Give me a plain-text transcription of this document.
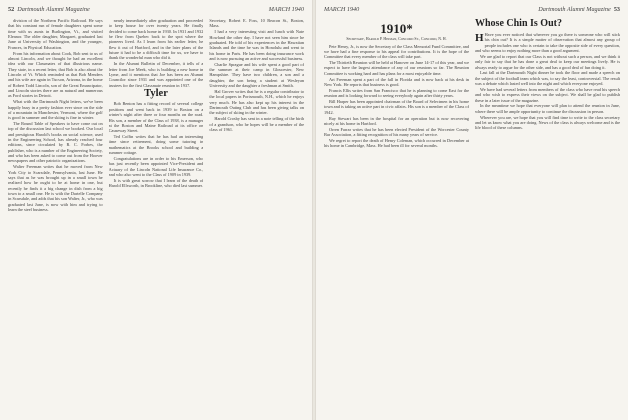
52 Dartmouth Alumni Magazine	MARCH 1940

division of the Northern Pacific Railroad. He says that his constant run of female daughters spent some time with us aunts in Burlington, Vt., and visited Eleanor. The older daughter, Margaret, graduated last June at University of Washington, and the younger, Frances, in Physical Education.

From his information about Cook, Bob sent to us of almost Lincoln, and we thought he had an excellent idea with our Classmates of that illustrious name. They state, in a recent letter, that Bob is also about the Lincoln of Vt. Which reminded us that Bob Menders and his wife are again in Tucson, Arizona, in the home of Robert Todd Lincoln, son of the Great Emancipator, and Lincoln stories there are as natural and numerous as Ford stories in Detroit.

What with the Dartmouth Night letters, we've been happily busy in a pretty fashion ever since on the side of a mountain in Manchester, Vermont, where the golf is good in summer and the skiing is fine in winter.

The Round Table of Speakers to have come out on top of the discussion last school we booked. Our local and prestigious Harold's books on social science, used in the Engineering School, has already reached four editions, since circulated by R. C. Forbes, the publisher, who is a number of the Engineering Society, and who has been asked to come out from the Hoover newspapers and other patriotic organizations.

Walter Freeman writes that he moved from New York City to Scarsdale, Pennsylvania, last June. He says that as he was brought up in a small town he realized how he ought to be at home in one, but recently he finds it a big change in dish from a big town to a small one. He is with the Dartelle Company in Scarsdale, and adds that his son Walter, Jr., who was graduated last June, is now with him and trying to learn the steel business.

nearly immediately after graduation and proceeded to keep house for over twenty years. He finally decided to come back home in 1930. In 1931 and 1932 he flew from Quebec back to the spot where the pioneers lived. As I learn from his earlier letter, he flew it out of Hartford, and in the later plans of the future it had to be a difficult time for us, we have to thank the wonderful man who did it.

In the Alumni Bulletin of December, it tells of a letter from Joe Meek, who is building a new home in Lyme, and it mentions that Joe has been an Alumni Councilor since 1931 and was appointed one of the trustees for the first Classmate reunion in 1937.

Tyler

Bob Benton has a fitting record of several college positions and went back in 1939 to Boston on a winter's night after three or four months on the road. His son, a member of the Class of 1938, is a manager at the Boston and Maine Railroad at its office on Causeway Street.

Ted Coffin writes that he has had an interesting time since retirement, doing some tutoring in mathematics at the Brooks school and building a summer cottage.

Congratulations are in order to his Emerson, who has just recently been appointed Vice-President and Actuary of the Lincoln National Life Insurance Co., and who also went to the Class of 1909 in 1939.

It is with great sorrow that I learn of the death of Harold Ellsworth, in Brookline, who died last summer.

Secretary, Robert E. Foss, 10 Beacon St., Boston, Mass.

I had a very interesting visit and lunch with Nate Howland the other day. I have not seen him since he graduated. He told of his experiences in the Hawaiian Islands and the time he was in Honolulu and went to his home in Paris. He has been doing insurance work and is now pursuing an active and successful business.

Charlie Sprague and his wife spent a good part of the summer at their camp in Gloucester, New Hampshire. They have two children, a son and a daughter, the son being a student at Wesleyan University and the daughter a freshman at Smith.

Hal Grover writes that he is a regular contributor to the local papers in Portsmouth, N.H., which he enjoys very much. He has also kept up his interest in the Dartmouth Outing Club and has been giving talks on the subject of skiing in the winter.

Harold Crosby has sent in a note telling of the birth of a grandson, who he hopes will be a member of the class of 1961.

MARCH 1940	Dartmouth Alumni Magazine 53
1910*
Secretary, Harold P. Hinman, Concord St., Concord, N. H.

Pete Henry, Jr., is now the Secretary of the Class Memorial Fund Committee, and we have had a fine response to his appeal for contributions. It is the hope of the Committee that every member of the class will take part.

The Thirtieth Reunion will be held at Hanover on June 14-17 of this year, and we expect to have the largest attendance of any of our reunions so far. The Reunion Committee is working hard and has plans for a most enjoyable time.

Art Freeman spent a part of the fall in Florida and is now back at his desk in New York. He reports that business is good.

Francis Ellis writes from San Francisco that he is planning to come East for the reunion and is looking forward to seeing everybody again after thirty years.

Bill Harper has been appointed chairman of the Board of Selectmen in his home town and is taking an active part in civic affairs. His son is a member of the Class of 1942.

Ray Stewart has been in the hospital for an operation but is now recovering nicely at his home in Hartford.

Orren Farrar writes that he has been elected President of the Worcester County Bar Association, a fitting recognition of his many years of service.

We regret to report the death of Henry Coleman, which occurred in December at his home in Cambridge, Mass. He had been ill for several months.

Whose Chin Is Out?

H Have you ever noticed that wherever you go there is someone who will stick his chin out? It is a simple matter of observation that almost any group of people includes one who is certain to take the opposite side of every question, and who seems to enjoy nothing more than a good argument.

We are glad to report that our Class is not without such a person, and we think it only fair to say that he has done a great deal to keep our meetings lively. He is always ready to argue for the other side, and has a good deal of fun doing it.

Last fall at the Dartmouth Night dinner he took the floor and made a speech on the subject of the football team which was, to say the least, controversial. The result was a debate which lasted well into the night and which everyone enjoyed.

We have had several letters from members of the class who have read his speech and who wish to express their views on the subject. We shall be glad to publish these in a later issue of the magazine.

In the meantime we hope that everyone will plan to attend the reunion in June, where there will be ample opportunity to continue the discussion in person.

Wherever you are, we hope that you will find time to write to the class secretary and let us know what you are doing. News of the class is always welcome and is the life blood of these columns.
